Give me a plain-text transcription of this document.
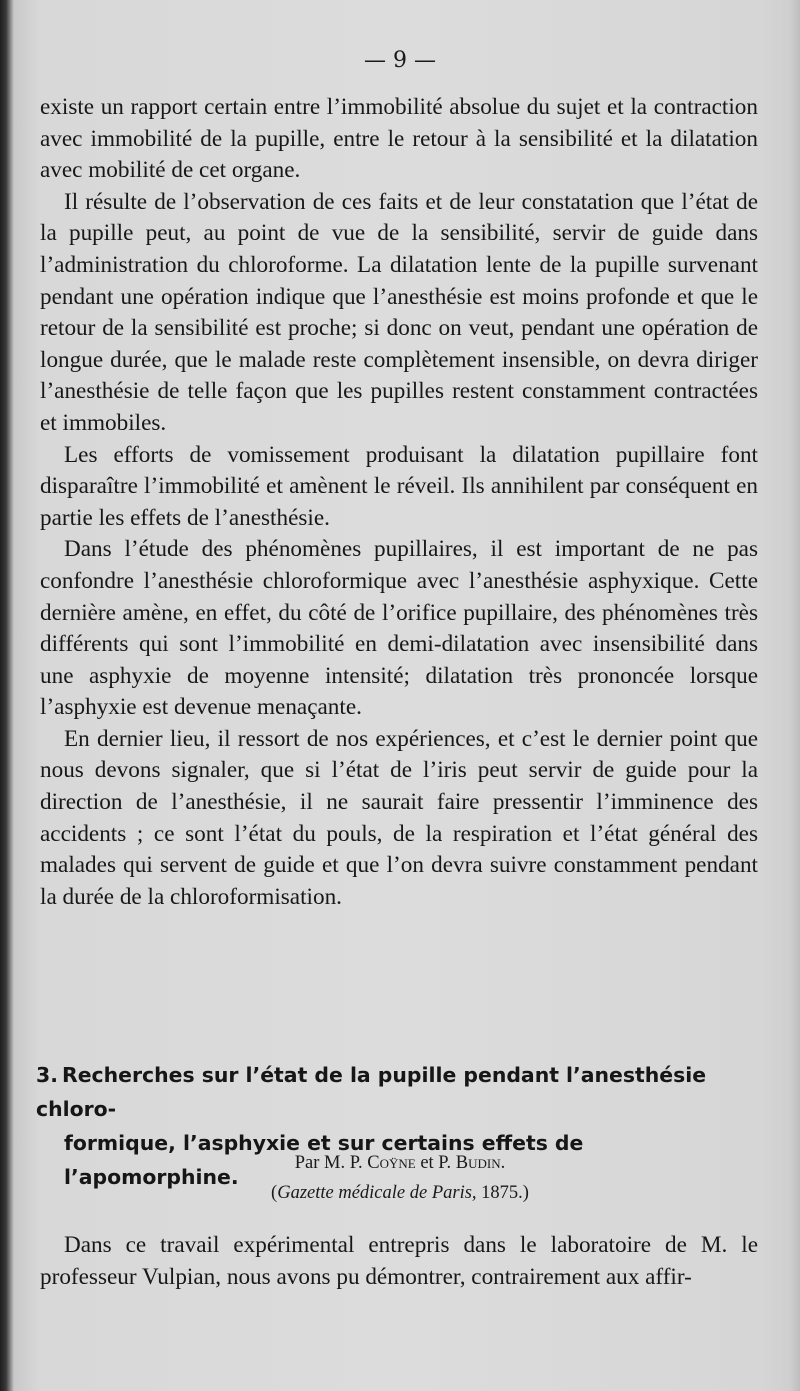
— 9 —

existe un rapport certain entre l’immobilité absolue du sujet et la contraction avec immobilité de la pupille, entre le retour à la sensibilité et la dilatation avec mobilité de cet organe.

Il résulte de l’observation de ces faits et de leur constatation que l’état de la pupille peut, au point de vue de la sensibilité, servir de guide dans l’administration du chloroforme. La dilatation lente de la pupille survenant pendant une opération indique que l’anesthésie est moins profonde et que le retour de la sensibilité est proche; si donc on veut, pendant une opération de longue durée, que le malade reste complètement insensible, on devra diriger l’anesthésie de telle façon que les pupilles restent constamment contractées et immobiles.

Les efforts de vomissement produisant la dilatation pupillaire font disparaître l’immobilité et amènent le réveil. Ils annihilent par conséquent en partie les effets de l’anesthésie.

Dans l’étude des phénomènes pupillaires, il est important de ne pas confondre l’anesthésie chloroformique avec l’anesthésie asphyxique. Cette dernière amène, en effet, du côté de l’orifice pupillaire, des phénomènes très différents qui sont l’immobilité en demi-dilatation avec insensibilité dans une asphyxie de moyenne intensité; dilatation très prononcée lorsque l’asphyxie est devenue menaçante.

En dernier lieu, il ressort de nos expériences, et c’est le dernier point que nous devons signaler, que si l’état de l’iris peut servir de guide pour la direction de l’anesthésie, il ne saurait faire pressentir l’imminence des accidents ; ce sont l’état du pouls, de la respiration et l’état général des malades qui servent de guide et que l’on devra suivre constamment pendant la durée de la chloroformisation.

3. Recherches sur l’état de la pupille pendant l’anesthésie chloro-
formique, l’asphyxie et sur certains effets de l’apomorphine.
Par M. P. Coÿne et P. Budin.
(Gazette médicale de Paris, 1875.)

Dans ce travail expérimental entrepris dans le laboratoire de M. le professeur Vulpian, nous avons pu démontrer, contrairement aux affir-
